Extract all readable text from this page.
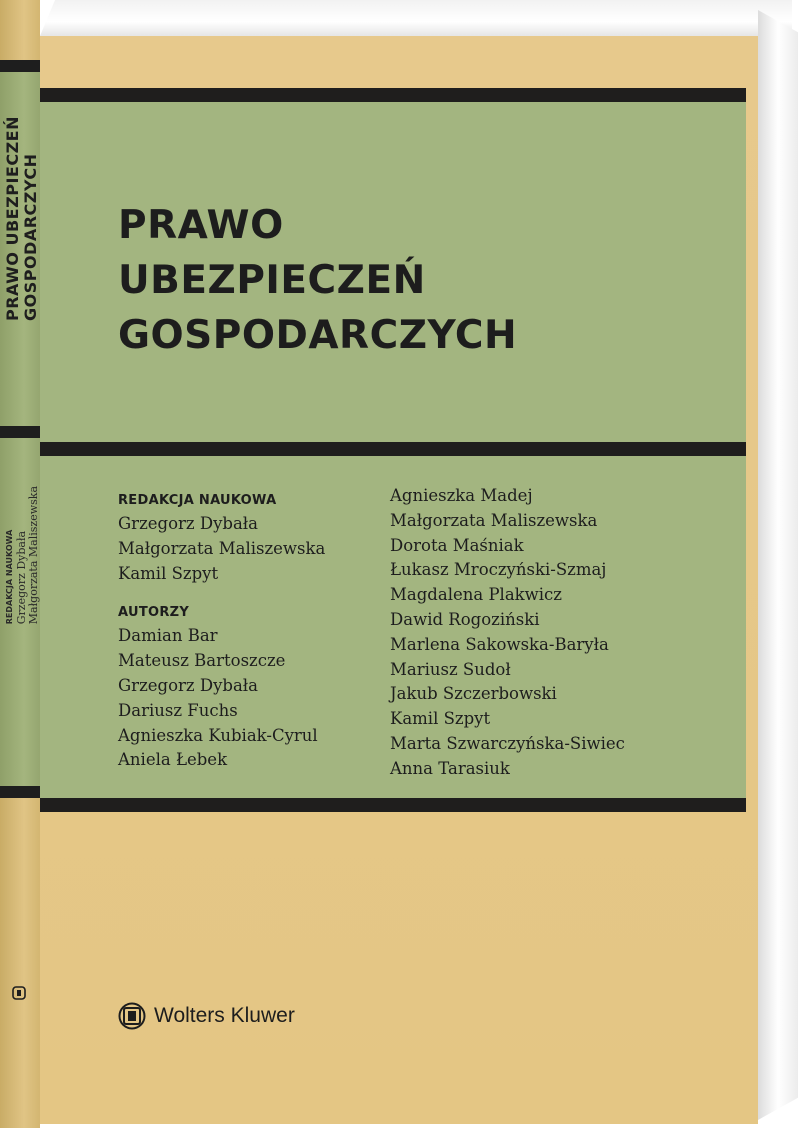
PRAWO UBEZPIECZEŃ GOSPODARCZYCH
REDAKCJA NAUKOWA Grzegorz Dybała Małgorzata Maliszewska
PRAWO
UBEZPIECZEŃ
GOSPODARCZYCH
REDAKCJA NAUKOWA
Grzegorz Dybała
Małgorzata Maliszewska
Kamil Szpyt
AUTORZY
Damian Bar
Mateusz Bartoszcze
Grzegorz Dybała
Dariusz Fuchs
Agnieszka Kubiak-Cyrul
Aniela Łebek
Agnieszka Madej
Małgorzata Maliszewska
Dorota Maśniak
Łukasz Mroczyński-Szmaj
Magdalena Plakwicz
Dawid Rogoziński
Marlena Sakowska-Baryła
Mariusz Sudoł
Jakub Szczerbowski
Kamil Szpyt
Marta Szwarczyńska-Siwiec
Anna Tarasiuk
Wolters Kluwer
